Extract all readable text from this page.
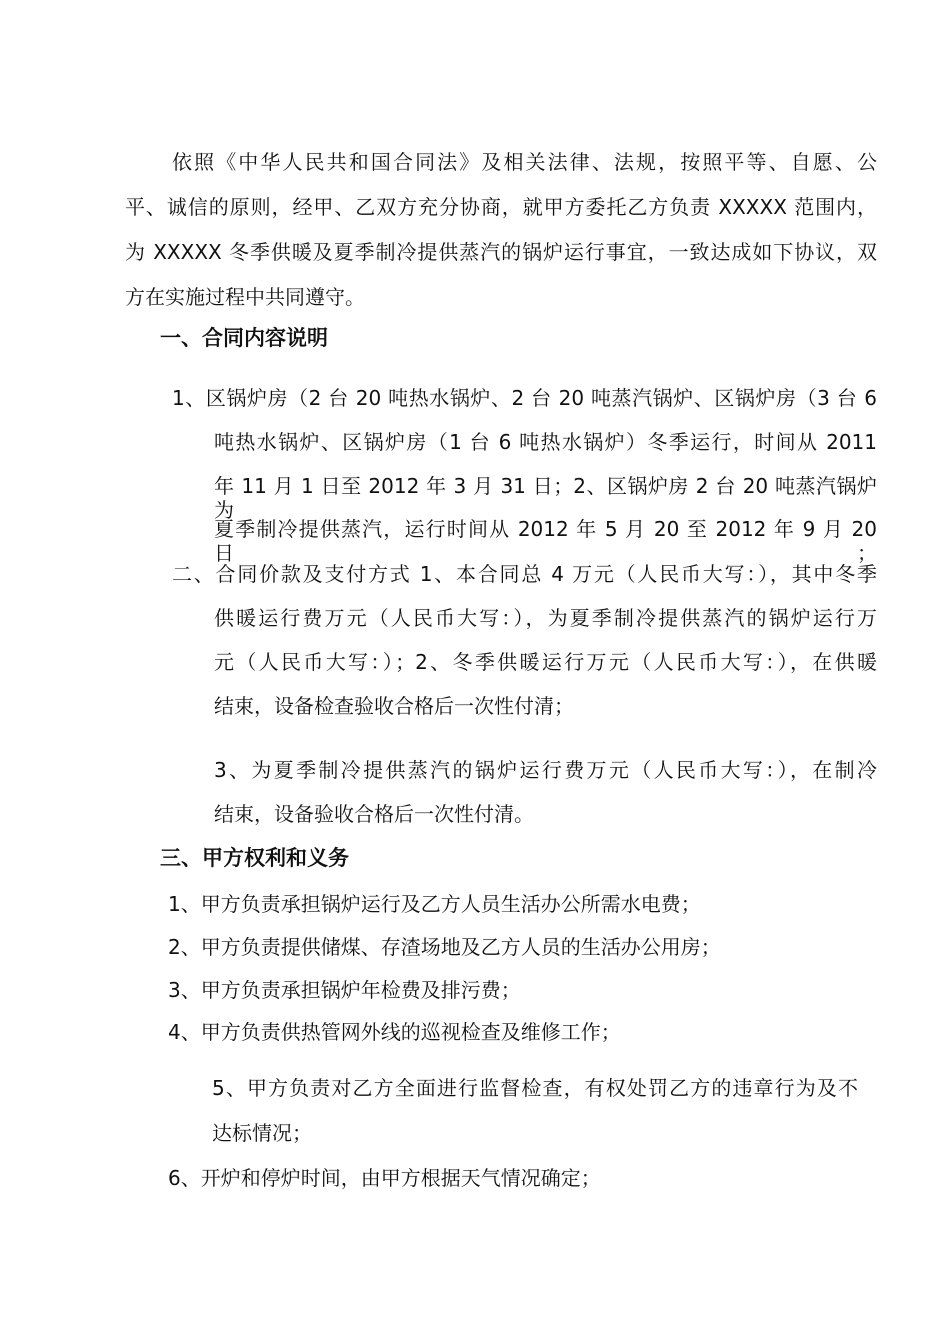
依照《中华人民共和国合同法》及相关法律、法规，按照平等、自愿、公
平、诚信的原则，经甲、乙双方充分协商，就甲方委托乙方负责 XXXXX 范围内，
为 XXXXX 冬季供暖及夏季制冷提供蒸汽的锅炉运行事宜，一致达成如下协议，双
方在实施过程中共同遵守。
一、合同内容说明
1、区锅炉房（2 台 20 吨热水锅炉、2 台 20 吨蒸汽锅炉、区锅炉房（3 台 6
吨热水锅炉、区锅炉房（1 台 6 吨热水锅炉）冬季运行，时间从 2011
年 11 月 1 日至 2012 年 3 月 31 日；2、区锅炉房 2 台 20 吨蒸汽锅炉为
夏季制冷提供蒸汽，运行时间从 2012 年 5 月 20 至 2012 年 9 月 20 日；
二、合同价款及支付方式 1、本合同总 4 万元（人民币大写：），其中冬季
供暖运行费万元（人民币大写：），为夏季制冷提供蒸汽的锅炉运行万
元（人民币大写：）；2、冬季供暖运行万元（人民币大写：），在供暖
结束，设备检查验收合格后一次性付清；
3、为夏季制冷提供蒸汽的锅炉运行费万元（人民币大写：），在制冷
结束，设备验收合格后一次性付清。
三、甲方权利和义务
1、甲方负责承担锅炉运行及乙方人员生活办公所需水电费；
2、甲方负责提供储煤、存渣场地及乙方人员的生活办公用房；
3、甲方负责承担锅炉年检费及排污费；
4、甲方负责供热管网外线的巡视检查及维修工作；
5、甲方负责对乙方全面进行监督检查，有权处罚乙方的违章行为及不
达标情况；
6、开炉和停炉时间，由甲方根据天气情况确定；
